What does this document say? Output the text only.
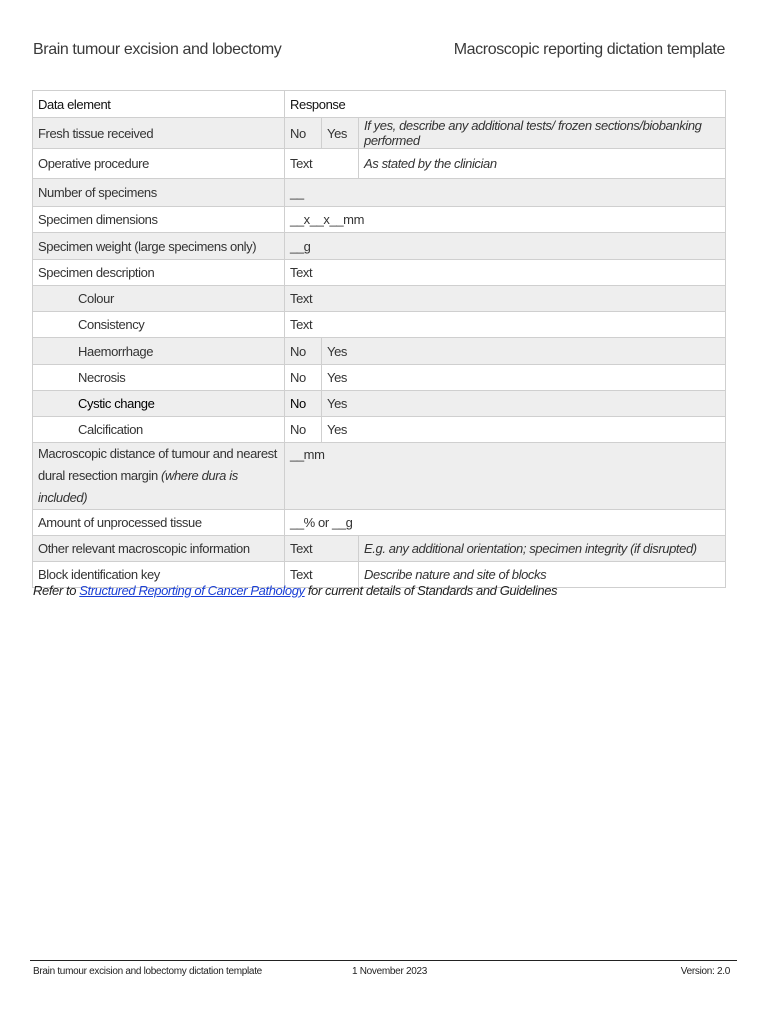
Brain tumour excision and lobectomy	Macroscopic reporting dictation template
Data element	Response		
Fresh tissue received	No	Yes	If yes, describe any additional tests/ frozen sections/biobanking performed
Operative procedure	Text		As stated by the clinician
Number of specimens	__		
Specimen dimensions	__x__x__mm		
Specimen weight (large specimens only)	__g		
Specimen description	Text		
Colour	Text		
Consistency	Text		
Haemorrhage	No	Yes	
Necrosis	No	Yes	
Cystic change	No	Yes	
Calcification	No	Yes	
Macroscopic distance of tumour and nearest dural resection margin (where dura is included)	__mm		
Amount of unprocessed tissue	__% or __g		
Other relevant macroscopic information	Text		E.g. any additional orientation; specimen integrity (if disrupted)
Block identification key	Text		Describe nature and site of blocks
Refer to Structured Reporting of Cancer Pathology for current details of Standards and Guidelines
Brain tumour excision and lobectomy dictation template	1 November 2023	Version: 2.0
